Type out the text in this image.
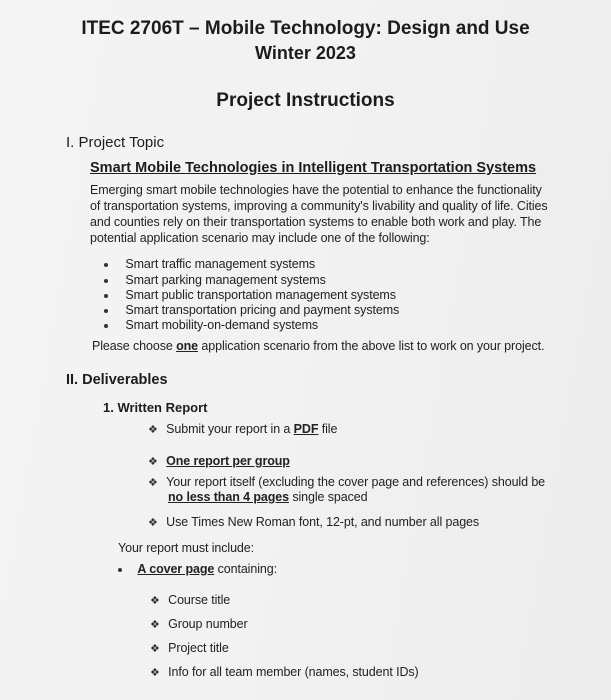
ITEC 2706T – Mobile Technology: Design and Use
Winter 2023
Project Instructions
I. Project Topic
Smart Mobile Technologies in Intelligent Transportation Systems
Emerging smart mobile technologies have the potential to enhance the functionality
of transportation systems, improving a community's livability and quality of life. Cities
and counties rely on their transportation systems to enable both work and play. The
potential application scenario may include one of the following:
Smart traffic management systems
Smart parking management systems
Smart public transportation management systems
Smart transportation pricing and payment systems
Smart mobility-on-demand systems
Please choose one application scenario from the above list to work on your project.
II. Deliverables
1. Written Report
❖ Submit your report in a PDF file
❖ One report per group
❖ Your report itself (excluding the cover page and references) should be
no less than 4 pages single spaced
❖ Use Times New Roman font, 12-pt, and number all pages
Your report must include:
A cover page containing:
❖ Course title
❖ Group number
❖ Project title
❖ Info for all team member (names, student IDs)
